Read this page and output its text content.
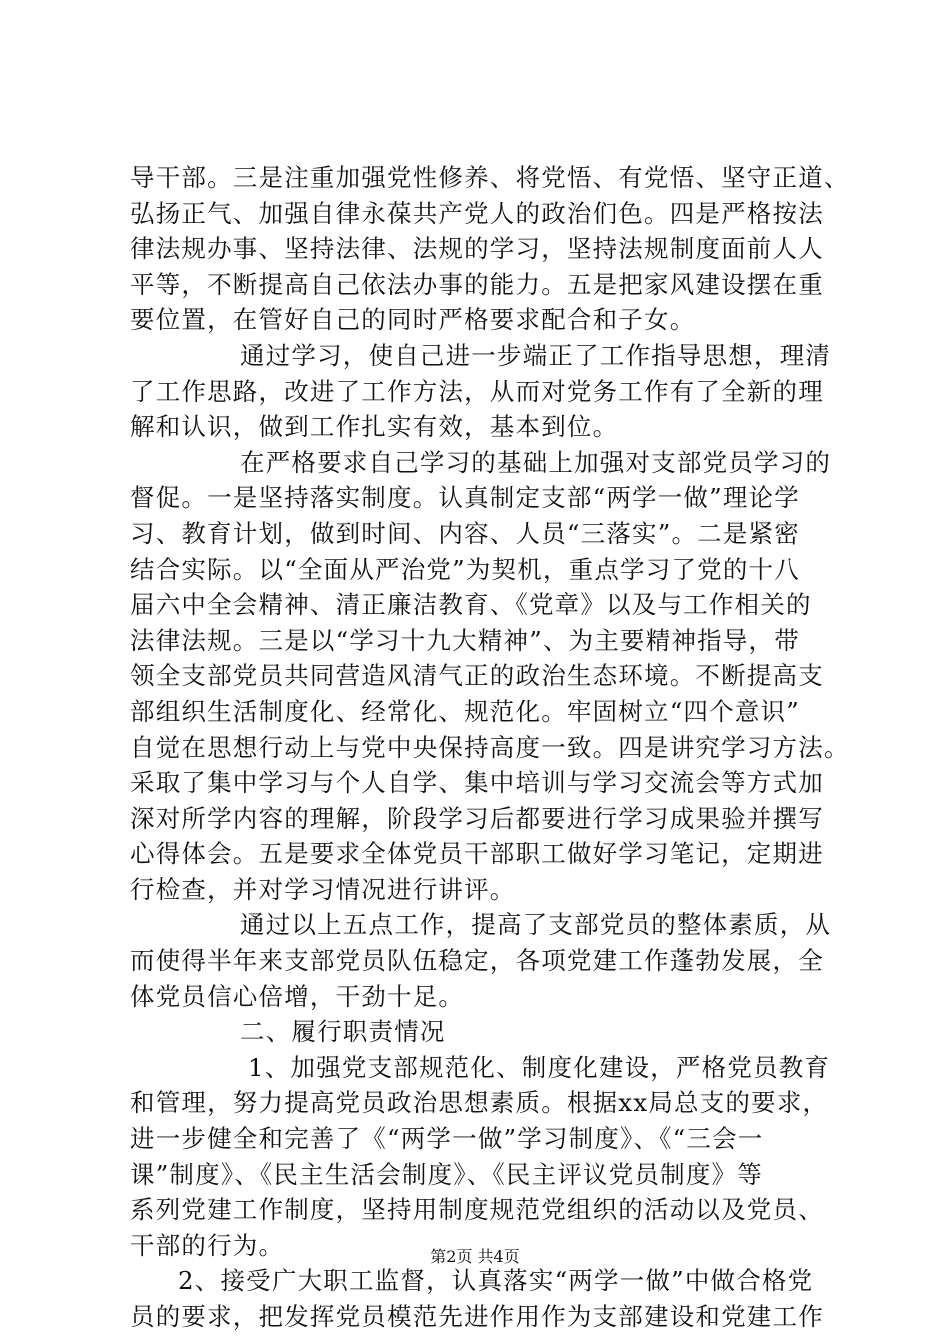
导干部。三是注重加强党性修养、将党悟、有党悟、坚守正道、
弘扬正气、加强自律永葆共产党人的政治们色。四是严格按法
律法规办事、坚持法律、法规的学习，坚持法规制度面前人人
平等，不断提高自己依法办事的能力。五是把家风建设摆在重
要位置，在管好自己的同时严格要求配合和子女。
通过学习，使自己进一步端正了工作指导思想，理清
了工作思路，改进了工作方法，从而对党务工作有了全新的理
解和认识，做到工作扎实有效，基本到位。
在严格要求自己学习的基础上加强对支部党员学习的
督促。一是坚持落实制度。认真制定支部“两学一做”理论学
习、教育计划，做到时间、内容、人员“三落实”。二是紧密
结合实际。以“全面从严治党”为契机，重点学习了党的十八
届六中全会精神、清正廉洁教育、《党章》以及与工作相关的
法律法规。三是以“学习十九大精神”、为主要精神指导，带
领全支部党员共同营造风清气正的政治生态环境。不断提高支
部组织生活制度化、经常化、规范化。牢固树立“四个意识”
自觉在思想行动上与党中央保持高度一致。四是讲究学习方法。
采取了集中学习与个人自学、集中培训与学习交流会等方式加
深对所学内容的理解，阶段学习后都要进行学习成果验并撰写
心得体会。五是要求全体党员干部职工做好学习笔记，定期进
行检查，并对学习情况进行讲评。
通过以上五点工作，提高了支部党员的整体素质，从
而使得半年来支部党员队伍稳定，各项党建工作蓬勃发展，全
体党员信心倍增，干劲十足。
二、履行职责情况
1、加强党支部规范化、制度化建设，严格党员教育
和管理，努力提高党员政治思想素质。根据xx局总支的要求，
进一步健全和完善了《“两学一做”学习制度》、《“三会一
课”制度》、《民主生活会制度》、《民主评议党员制度》等
系列党建工作制度，坚持用制度规范党组织的活动以及党员、
干部的行为。
2、接受广大职工监督，认真落实“两学一做”中做合格党
员的要求，把发挥党员模范先进作用作为支部建设和党建工作
第2页 共4页
